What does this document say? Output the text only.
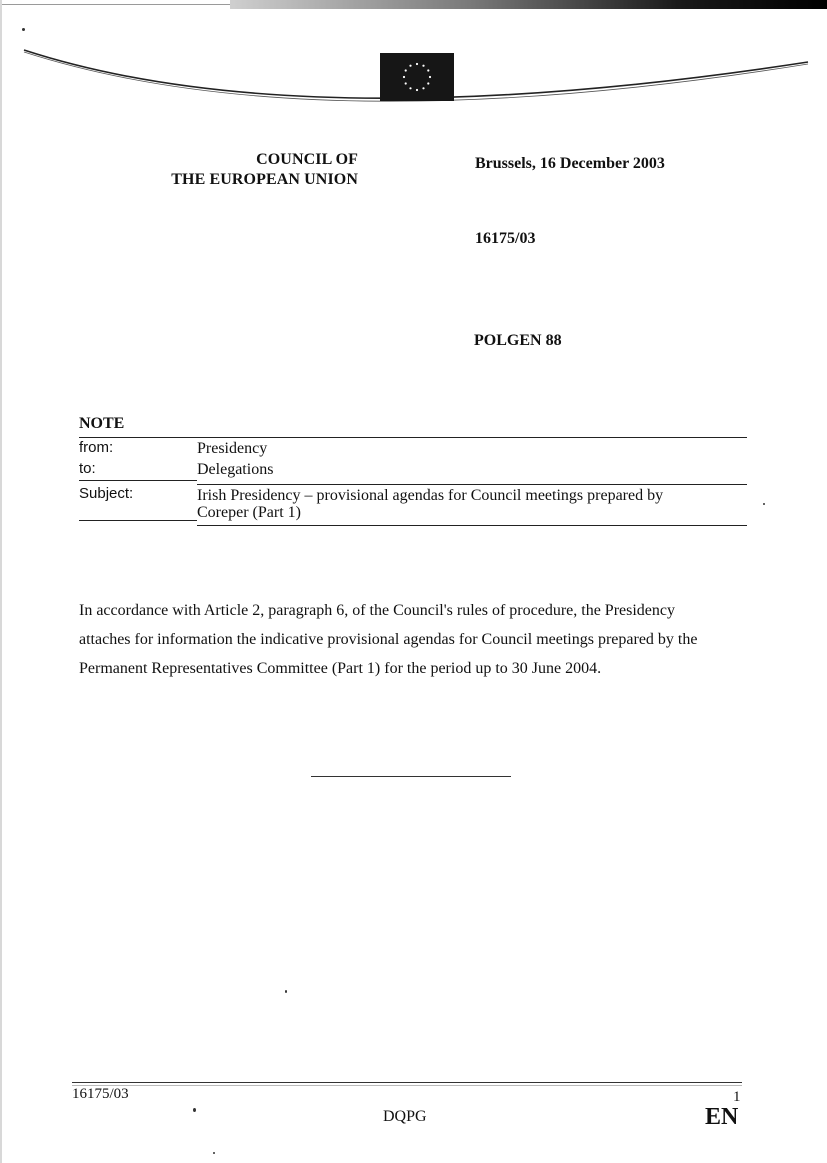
COUNCIL OF
THE EUROPEAN UNION
Brussels, 16 December 2003
16175/03
POLGEN 88
NOTE
from:	Presidency
to:	Delegations
Subject:	Irish Presidency – provisional agendas for Council meetings prepared by
Coreper (Part 1)
In accordance with Article 2, paragraph 6, of the Council's rules of procedure, the Presidency
attaches for information the indicative provisional agendas for Council meetings prepared by the
Permanent Representatives Committee (Part 1) for the period up to 30 June 2004.
16175/03	1
DQPG	EN
